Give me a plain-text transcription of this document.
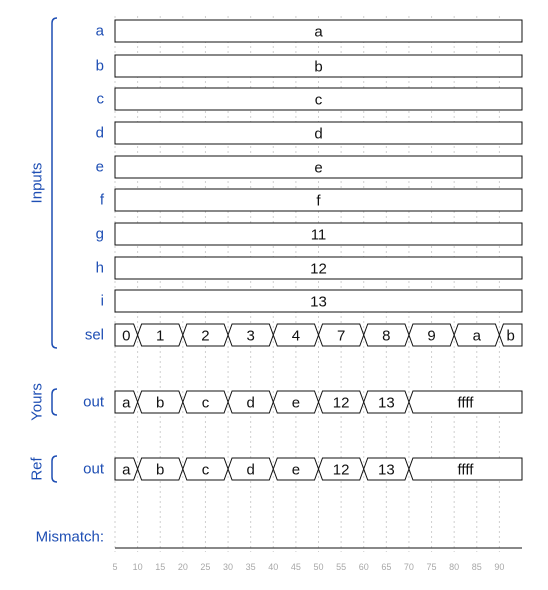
5 10 15 20 25 30 35 40 45 50 55 60 65 70 75 80 85 90
a	a
b	b
c	c
d	d
e	e
f	f
g	11
h	12
i	13
sel 0 1 2 3 4 7 8 9 a b
out a b c d e 12 13	ffff
out a b c d e 12 13	ffff
Mismatch:
Inputs
Yours
Ref
